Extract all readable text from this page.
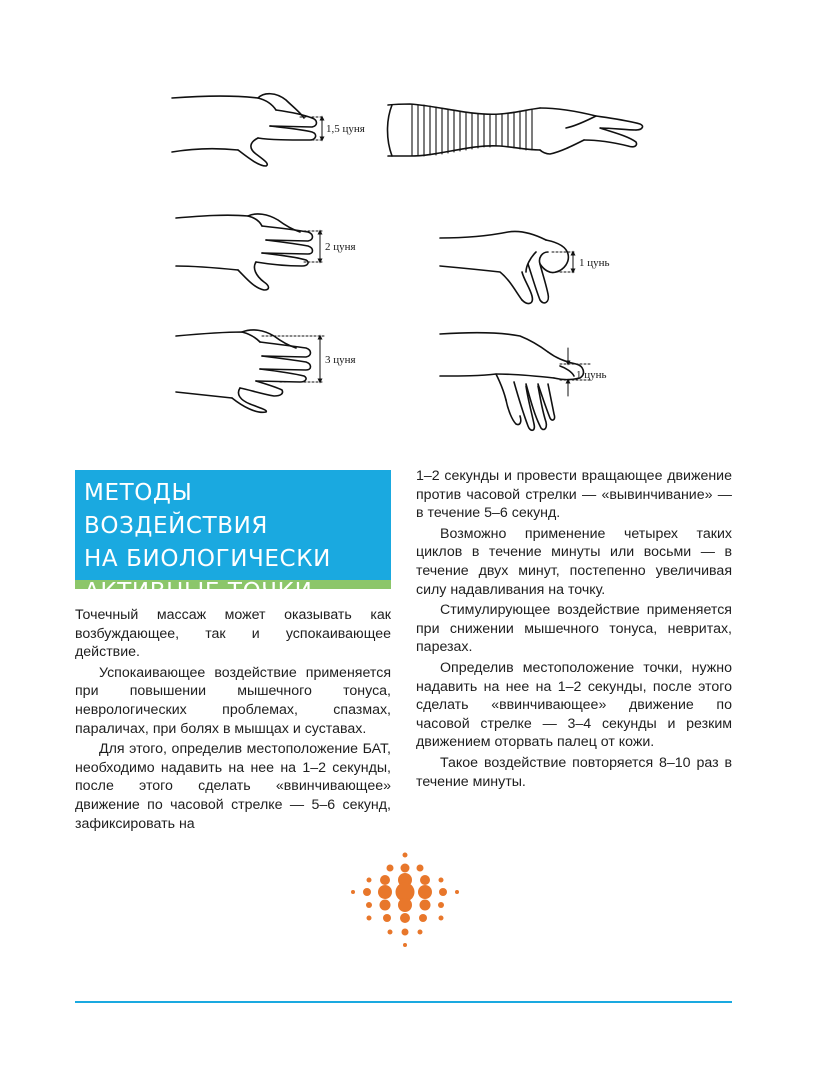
1,5 цуня
2 цуня
3 цуня
1 цунь
1 цунь
МЕТОДЫ ВОЗДЕЙСТВИЯ
НА БИОЛОГИЧЕСКИ
АКТИВНЫЕ ТОЧКИ

Точечный массаж может оказывать как возбуждающее, так и успокаивающее действие.

Успокаивающее воздействие применяется при повышении мышечного тонуса, неврологических проблемах, спазмах, параличах, при болях в мышцах и суставах.

Для этого, определив местоположение БАТ, необходимо надавить на нее на 1–2 секунды, после этого сделать «ввинчивающее» движение по часовой стрелке — 5–6 секунд, зафиксировать на

1–2 секунды и провести вращающее движение против часовой стрелки — «вывинчивание» — в течение 5–6 секунд.

Возможно применение четырех таких циклов в течение минуты или восьми — в течение двух минут, постепенно увеличивая силу надавливания на точку.

Стимулирующее воздействие применяется при снижении мышечного тонуса, невритах, парезах.

Определив местоположение точки, нужно надавить на нее на 1–2 секунды, после этого сделать «ввинчивающее» движение по часовой стрелке — 3–4 секунды и резким движением оторвать палец от кожи.

Такое воздействие повторяется 8–10 раз в течение минуты.
